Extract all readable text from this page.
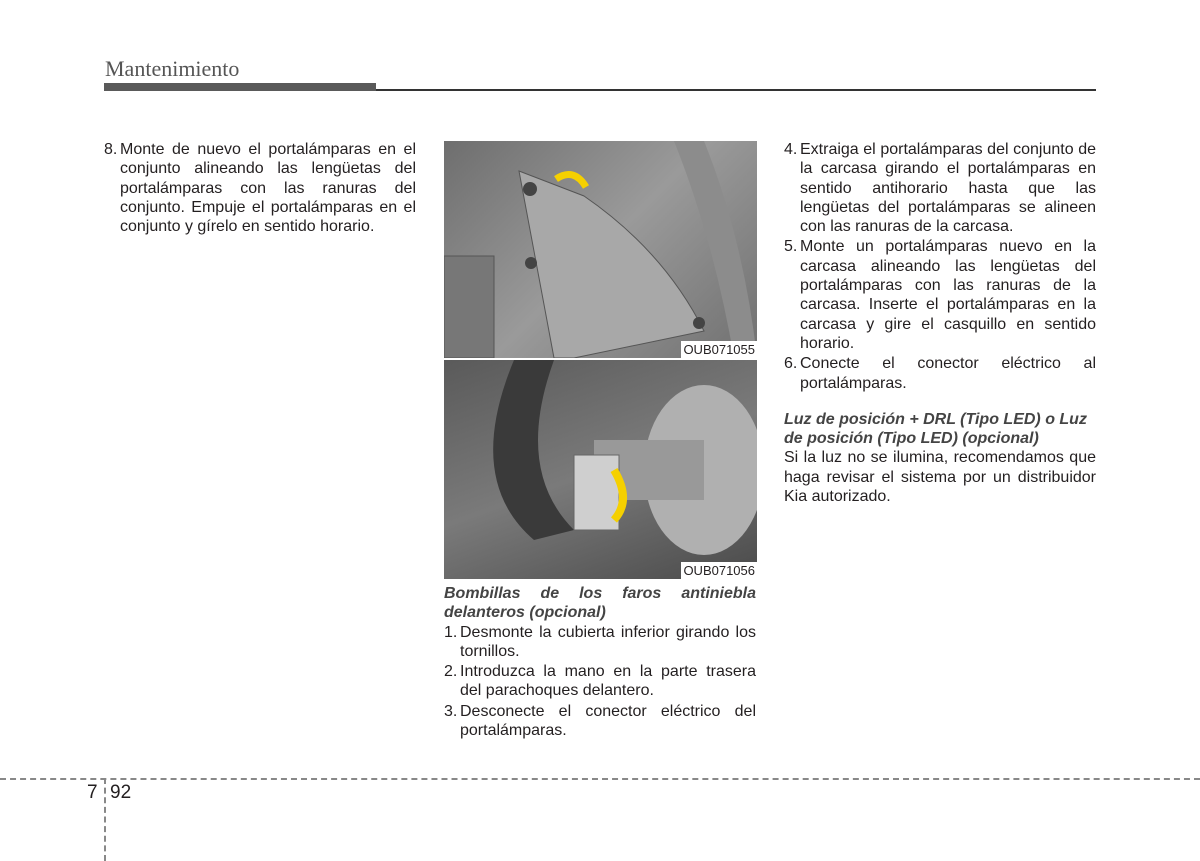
Mantenimiento
8. Monte de nuevo el portalámparas en el conjunto alineando las lengüetas del portalámparas con las ranuras del conjunto. Empuje el portalámparas en el conjunto y gírelo en sentido horario.
OUB071055
OUB071056
Bombillas de los faros antiniebla delanteros (opcional)
1. Desmonte la cubierta inferior girando los tornillos.
2. Introduzca la mano en la parte trasera del parachoques delantero.
3. Desconecte el conector eléctrico del portalámparas.
4. Extraiga el portalámparas del conjunto de la carcasa girando el portalámparas en sentido antihorario hasta que las lengüetas del portalámparas se alineen con las ranuras de la carcasa.
5. Monte un portalámparas nuevo en la carcasa alineando las lengüetas del portalámparas con las ranuras de la carcasa. Inserte el portalámparas en la carcasa y gire el casquillo en sentido horario.
6. Conecte el conector eléctrico al portalámparas.
Luz de posición + DRL (Tipo LED) o Luz de posición (Tipo LED) (opcional)
Si la luz no se ilumina, recomendamos que haga revisar el sistema por un distribuidor Kia autorizado.
7 92
